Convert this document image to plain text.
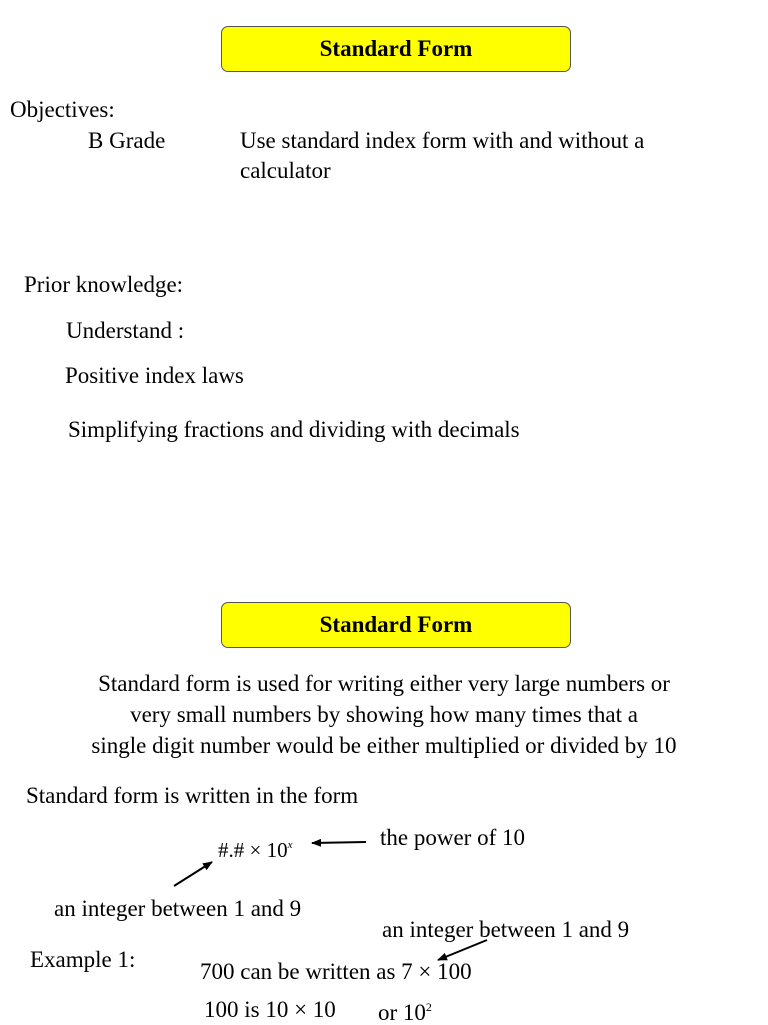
Standard Form
Objectives:
B Grade	Use standard index form with and without a
calculator
Prior knowledge:
Understand :
Positive index laws
Simplifying fractions and dividing with decimals
Standard Form
Standard form is used for writing either very large numbers or
very small numbers by showing how many times that a
single digit number would be either multiplied or divided by 10
Standard form is written in the form
#.# × $10^x$	the power of 10
an integer between 1 and 9
an integer between 1 and 9
Example 1:	700 can be written as 7 × 100
100 is 10 × 10 or $10^2$
